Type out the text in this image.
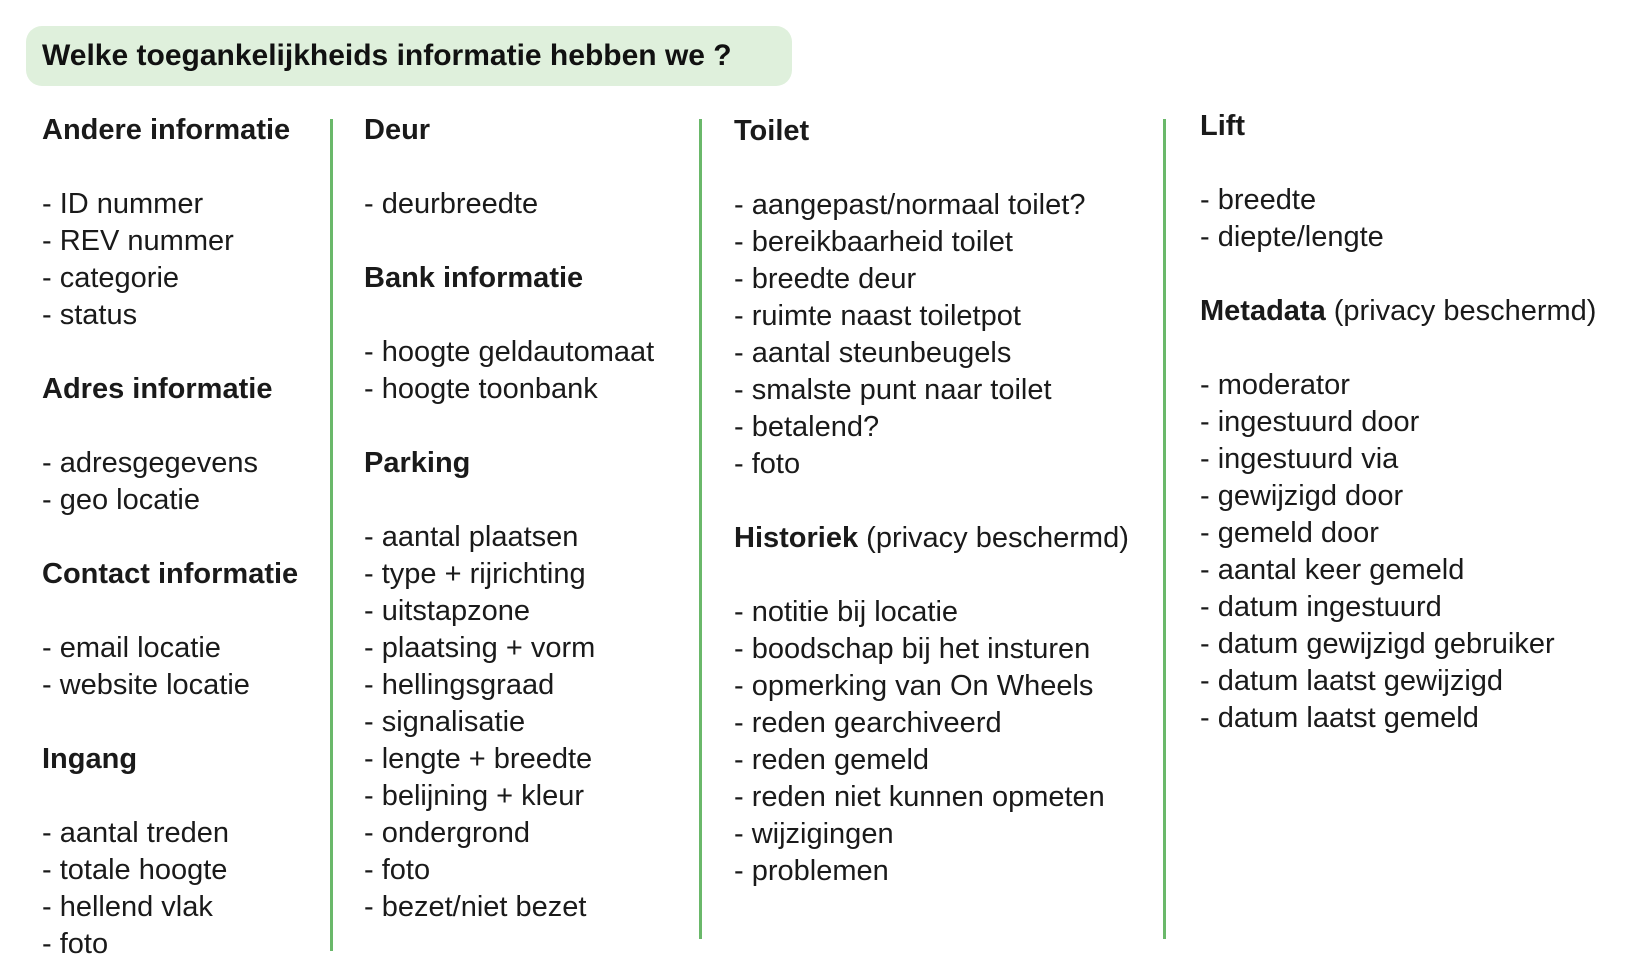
Welke toegankelijkheids informatie hebben we ?
Andere informatie
- ID nummer
- REV nummer
- categorie
- status
Adres informatie
- adresgegevens
- geo locatie
Contact informatie
- email locatie
- website locatie
Ingang
- aantal treden
- totale hoogte
- hellend vlak
- foto
Deur
- deurbreedte
Bank informatie
- hoogte geldautomaat
- hoogte toonbank
Parking
- aantal plaatsen
- type + rijrichting
- uitstapzone
- plaatsing + vorm
- hellingsgraad
- signalisatie
- lengte + breedte
- belijning + kleur
- ondergrond
- foto
- bezet/niet bezet
Toilet
- aangepast/normaal toilet?
- bereikbaarheid toilet
- breedte deur
- ruimte naast toiletpot
- aantal steunbeugels
- smalste punt naar toilet
- betalend?
- foto
Historiek (privacy beschermd)
- notitie bij locatie
- boodschap bij het insturen
- opmerking van On Wheels
- reden gearchiveerd
- reden gemeld
- reden niet kunnen opmeten
- wijzigingen
- problemen
Lift
- breedte
- diepte/lengte
Metadata (privacy beschermd)
- moderator
- ingestuurd door
- ingestuurd via
- gewijzigd door
- gemeld door
- aantal keer gemeld
- datum ingestuurd
- datum gewijzigd gebruiker
- datum laatst gewijzigd
- datum laatst gemeld
